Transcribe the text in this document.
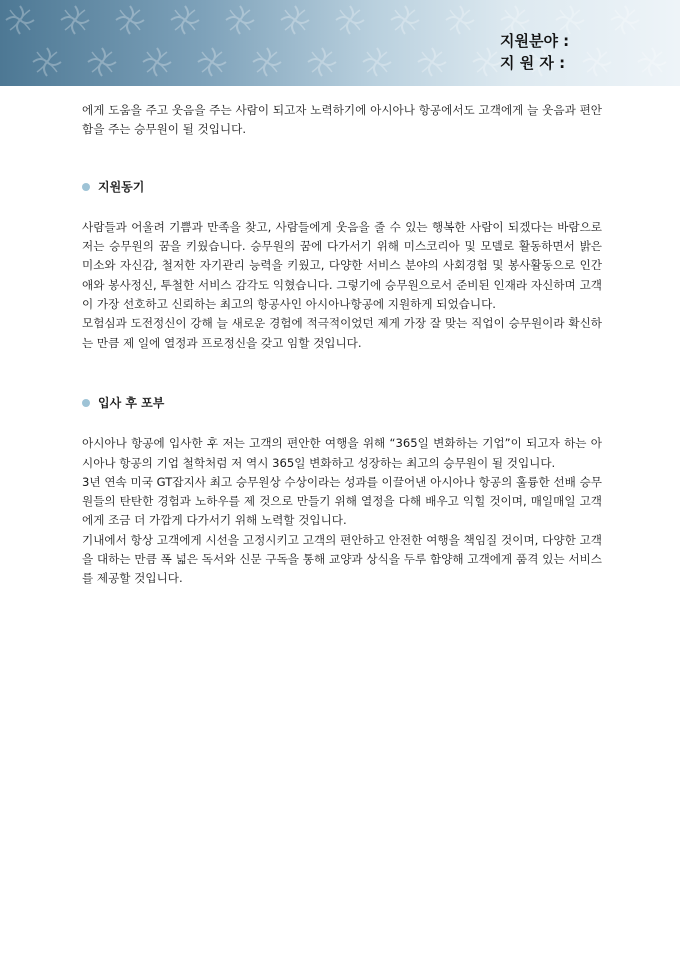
지원분야 :
지 원 자 :

에게 도움을 주고 웃음을 주는 사람이 되고자 노력하기에 아시아나 항공에서도 고객에게 늘 웃음과 편안함을 주는 승무원이 될 것입니다.

지원동기

사람들과 어울려 기쁨과 만족을 찾고, 사람들에게 웃음을 줄 수 있는 행복한 사람이 되겠다는 바람으로 저는 승무원의 꿈을 키웠습니다. 승무원의 꿈에 다가서기 위해 미스코리아 및 모델로 활동하면서 밝은 미소와 자신감, 철저한 자기관리 능력을 키웠고, 다양한 서비스 분야의 사회경험 및 봉사활동으로 인간애와 봉사정신, 투철한 서비스 감각도 익혔습니다. 그렇기에 승무원으로서 준비된 인재라 자신하며 고객이 가장 선호하고 신뢰하는 최고의 항공사인 아시아나항공에 지원하게 되었습니다.

모험심과 도전정신이 강해 늘 새로운 경험에 적극적이었던 제게 가장 잘 맞는 직업이 승무원이라 확신하는 만큼 제 일에 열정과 프로정신을 갖고 임할 것입니다.

입사 후 포부

아시아나 항공에 입사한 후 저는 고객의 편안한 여행을 위해 “365일 변화하는 기업”이 되고자 하는 아시아나 항공의 기업 철학처럼 저 역시 365일 변화하고 성장하는 최고의 승무원이 될 것입니다.

3년 연속 미국 GT잡지사 최고 승무원상 수상이라는 성과를 이끌어낸 아시아나 항공의 훌륭한 선배 승무원들의 탄탄한 경험과 노하우를 제 것으로 만들기 위해 열정을 다해 배우고 익힐 것이며, 매일매일 고객에게 조금 더 가깝게 다가서기 위해 노력할 것입니다.

기내에서 항상 고객에게 시선을 고정시키고 고객의 편안하고 안전한 여행을 책임질 것이며, 다양한 고객을 대하는 만큼 폭 넓은 독서와 신문 구독을 통해 교양과 상식을 두루 함양해 고객에게 품격 있는 서비스를 제공할 것입니다.
